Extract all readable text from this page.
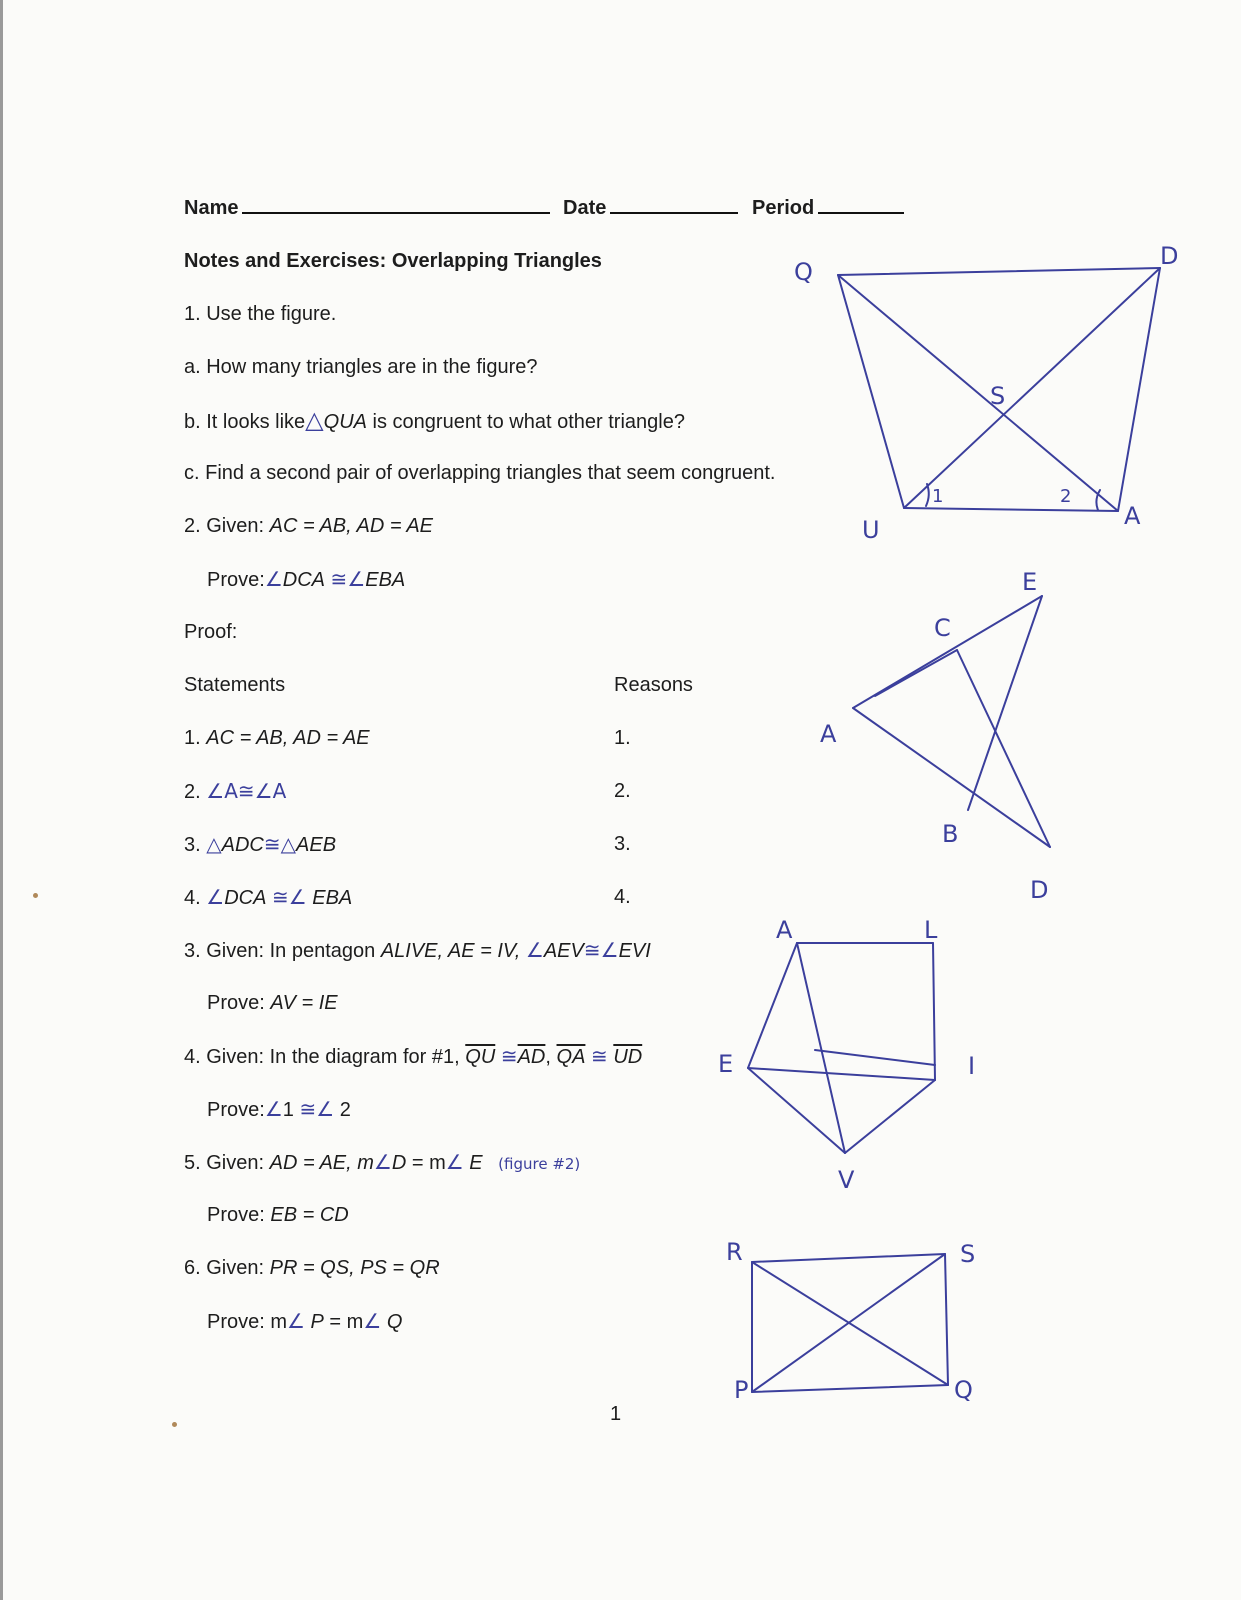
Name	Date	Period
Notes and Exercises: Overlapping Triangles
1. Use the figure.
a. How many triangles are in the figure?
b. It looks like△QUA is congruent to what other triangle?
c. Find a second pair of overlapping triangles that seem congruent.
2. Given: AC = AB, AD = AE
Prove:∠DCA ≅∠EBA
Proof:
Statements	Reasons
1. AC = AB, AD = AE	1.
2. ∠A≅∠A	2.
3. △ADC≅△AEB	3.
4. ∠DCA ≅∠ EBA	4.
3. Given: In pentagon ALIVE, AE = IV, ∠AEV≅∠EVI
Prove: AV = IE
4. Given: In the diagram for #1, $\overline{QU}$ $≅\overline{AD}$, $\overline{QA}$ ≅ $\overline{UD}$
Prove:∠1 ≅∠ 2
5. Given: AD = AE, m∠D = m∠ E (figure #2)
Prove: EB = CD
6. Given: PR = QS, PS = QR
Prove: m∠ P = m∠ Q
1
Q
D
S
U
1	2
A
E
C
A
B
D
A	L
E	I
V
R	S
P	Q
